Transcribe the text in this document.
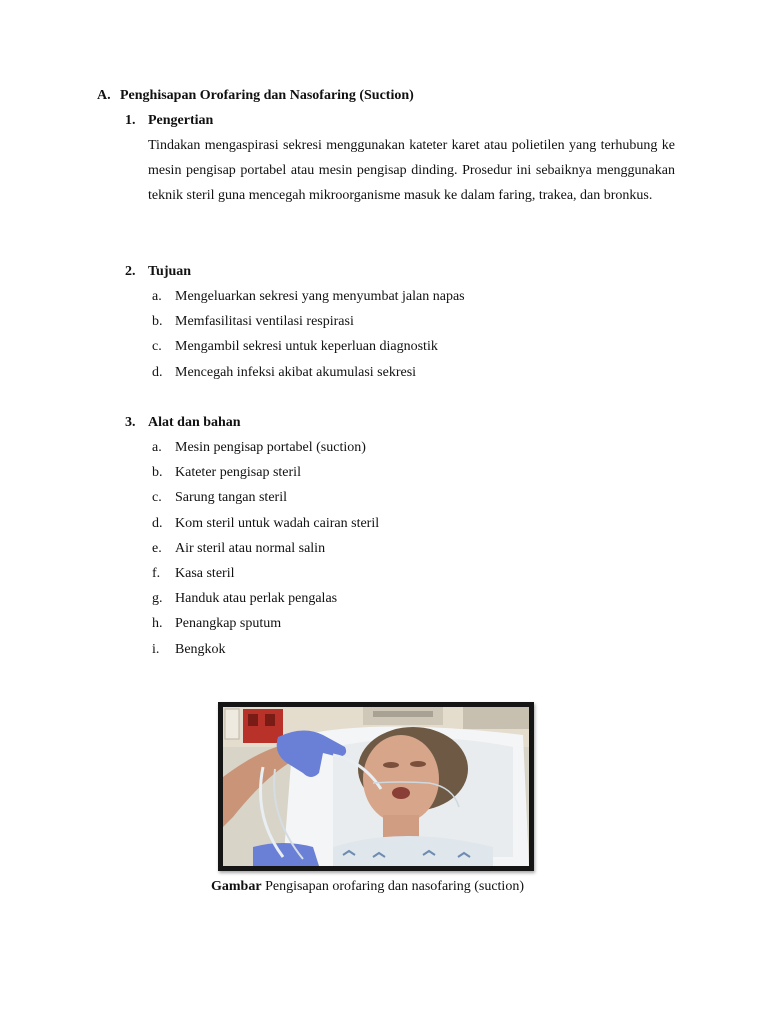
A. Penghisapan Orofaring dan Nasofaring (Suction)
1. Pengertian
Tindakan mengaspirasi sekresi menggunakan kateter karet atau polietilen yang terhubung ke mesin pengisap portabel atau mesin pengisap dinding. Prosedur ini sebaiknya menggunakan teknik steril guna mencegah mikroorganisme masuk ke dalam faring, trakea, dan bronkus.
2. Tujuan
a. Mengeluarkan sekresi yang menyumbat jalan napas
b. Memfasilitasi ventilasi respirasi
c. Mengambil sekresi untuk keperluan diagnostik
d. Mencegah infeksi akibat akumulasi sekresi
3. Alat dan bahan
a. Mesin pengisap portabel (suction)
b. Kateter pengisap steril
c. Sarung tangan steril
d. Kom steril untuk wadah cairan steril
e. Air steril atau normal salin
f. Kasa steril
g. Handuk atau perlak pengalas
h. Penangkap sputum
i. Bengkok
Gambar Pengisapan orofaring dan nasofaring (suction)
